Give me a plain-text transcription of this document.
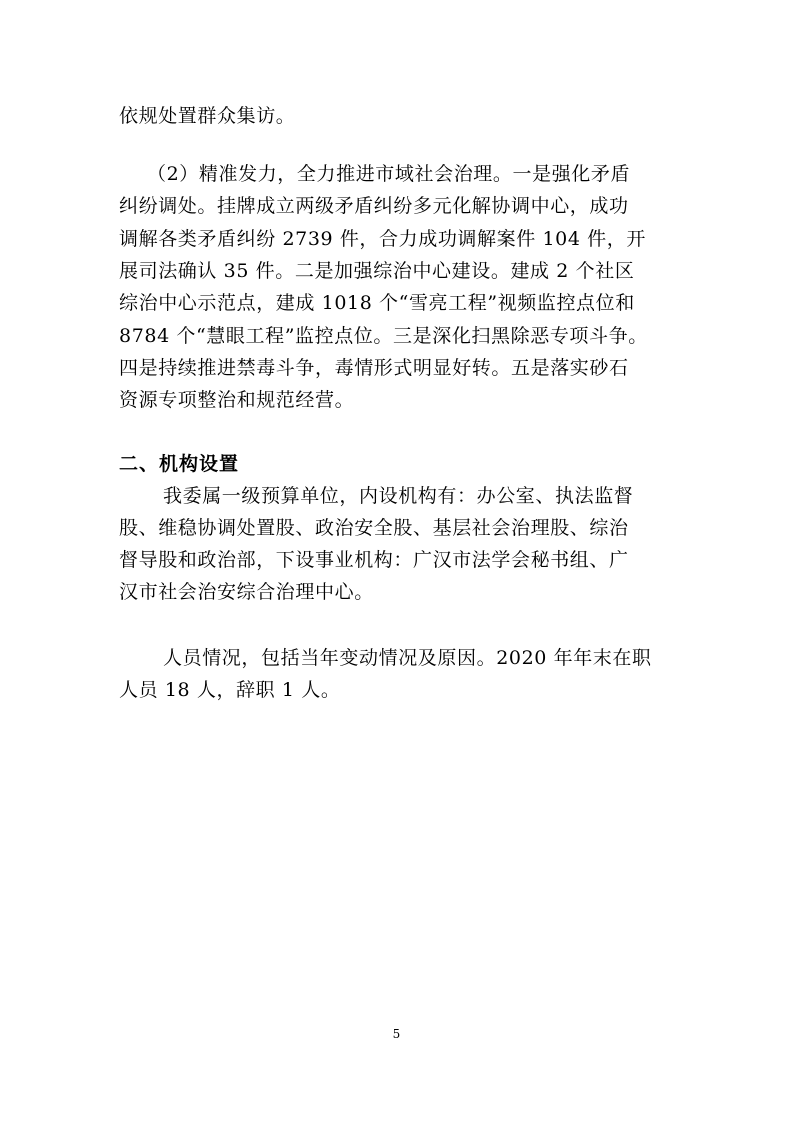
依规处置群众集访。
（2）精准发力，全力推进市域社会治理。一是强化矛盾
纠纷调处。挂牌成立两级矛盾纠纷多元化解协调中心，成功
调解各类矛盾纠纷 2739 件，合力成功调解案件 104 件，开
展司法确认 35 件。二是加强综治中心建设。建成 2 个社区
综治中心示范点，建成 1018 个“雪亮工程”视频监控点位和
8784 个“慧眼工程”监控点位。三是深化扫黑除恶专项斗争。
四是持续推进禁毒斗争，毒情形式明显好转。五是落实砂石
资源专项整治和规范经营。
二、机构设置
我委属一级预算单位，内设机构有：办公室、执法监督
股、维稳协调处置股、政治安全股、基层社会治理股、综治
督导股和政治部，下设事业机构：广汉市法学会秘书组、广
汉市社会治安综合治理中心。
人员情况，包括当年变动情况及原因。2020 年年末在职
人员 18 人，辞职 1 人。
5
